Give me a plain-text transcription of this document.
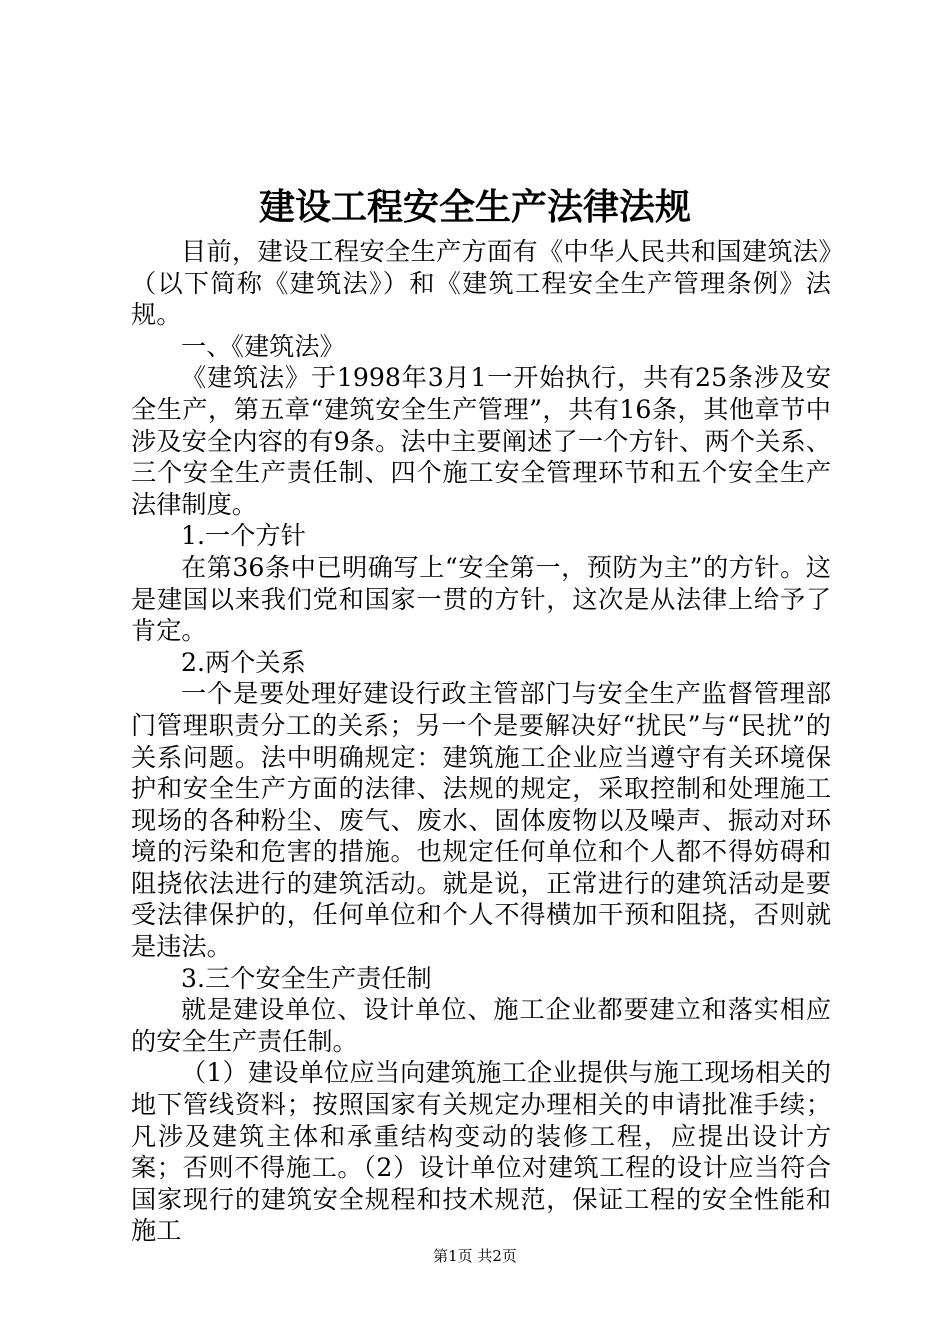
建设工程安全生产法律法规

目前，建设工程安全生产方面有《中华人民共和国建筑法》（以下简称《建筑法》）和《建筑工程安全生产管理条例》法规。

一、《建筑法》

《建筑法》于1998年3月1一开始执行，共有25条涉及安全生产，第五章“建筑安全生产管理”，共有16条，其他章节中涉及安全内容的有9条。法中主要阐述了一个方针、两个关系、三个安全生产责任制、四个施工安全管理环节和五个安全生产法律制度。

1.一个方针

在第36条中已明确写上“安全第一，预防为主”的方针。这是建国以来我们党和国家一贯的方针，这次是从法律上给予了肯定。

2.两个关系

一个是要处理好建设行政主管部门与安全生产监督管理部门管理职责分工的关系；另一个是要解决好“扰民”与“民扰”的关系问题。法中明确规定：建筑施工企业应当遵守有关环境保护和安全生产方面的法律、法规的规定，采取控制和处理施工现场的各种粉尘、废气、废水、固体废物以及噪声、振动对环境的污染和危害的措施。也规定任何单位和个人都不得妨碍和阻挠依法进行的建筑活动。就是说，正常进行的建筑活动是要受法律保护的，任何单位和个人不得横加干预和阻挠，否则就是违法。

3.三个安全生产责任制

就是建设单位、设计单位、施工企业都要建立和落实相应的安全生产责任制。

（1）建设单位应当向建筑施工企业提供与施工现场相关的地下管线资料；按照国家有关规定办理相关的申请批准手续；凡涉及建筑主体和承重结构变动的装修工程，应提出设计方案；否则不得施工。（2）设计单位对建筑工程的设计应当符合国家现行的建筑安全规程和技术规范，保证工程的安全性能和施工

第1页 共2页
